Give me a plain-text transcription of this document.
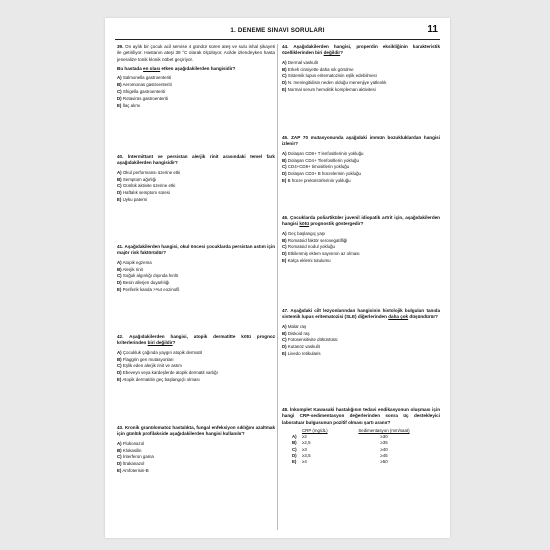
1. DENEME SINAVI SORULARI	11
39. On aylık bir çocuk acil servise 4 gündür süren ateş ve sulu ishal şikayeti ile getiriliyor. Hastanın ateşi 39 °C olarak ölçülüyor. Acilde izlendeyken hasta jeneralize tonik klonik nöbet geçiriyor.
Bu hastada en olası etken aşağıdakilerden hangisidir?
A) Salmonella gastroenteriti
B) Aeromonas gastroenteriti
C) Shigella gastroenteriti
D) Rotavirüs gastroenteriti
E) İlaç alımı
40. İntermittant ve persistan alerjik rinit arasındaki temel fark aşağıdakilerden hangisidir?
A) Okul performansı üzerine etki
B) Semptom ağırlığı
C) Günlük aktivite üzerine etki
D) Haftalık semptom süresi
E) Uyku paterni
41. Aşağıdakilerden hangisi, okul öncesi çocuklarda persistan astım için majör risk faktörüdür?
A) Atopik egzema
B) Alerjik rinit
C) Soğuk algınlığı dışında hırıltı
D) Besin allerjen duyarlılığı
E) Periferik kanda >%4 eozinofil
42. Aşağıdakilerden hangisi, atopik dermatitte kötü prognoz kriterlerinden biri değildir?
A) Çocukluk çağında yaygın atopik dermatit
B) Flaggrin gen mutasyonları
C) Eşlik eden alerjik rinit ve astım
D) Ebeveyn veya kardeşlerde atopik dermatit varlığı
E) Atopik dermatitin geç başlangıçlı olması
43. Kronik granülomatoz hastalıkta, fungal enfeksiyon sıklığını azaltmak için günlük profilakside aşağıdakilerden hangisi kullanılır?
A) Flukonazol
B) Klokasilin
C) İnterferon gama
D) İtrakanazol
E) Amfoterisin-B
44. Aşağıdakilerden hangisi, properdin eksikliğinin karakteristik özelliklerinden biri değildir?
A) Dermal vaskulit
B) Erkek cinsiyette daha sık görülme
C) Sistemik lupus eritematozisin eşlik edebilmesi
D) N. meningitidisin neden olduğu menenjiye yatkınlık
E) Normal serum hemolitik kompleman aktivitesi
45. ZAP 70 mutasyonunda aşağıdaki immün bozukluklardan hangisi izlenir?
A) Dolaşan CD8+ T lenfositlerinin yokluğu
B) Dolaşan CD4+ Tlenfositlerin yokluğu
C) CD4+CD8+ timositlerin yokluğu
D) Dolaşan CD3+ B hücrelerinin yokluğu
E) B hücre prekürsörlerinin yokluğu
46. Çocuklarda poliartiküler juvenil idiopatik artrit için, aşağıdakilerden hangisi kötü prognostik göstergedir?
A) Geç başlangıç yaşı
B) Romatoid faktör seronegatifliği
C) Romatoid nodul yokluğu
D) Etkilenmiş eklem sayısının az olması
E) Kalça eklemi tutulumu
47. Aşağıdaki cilt lezyonlarından hangisinin histolojik bulguları tanıda sistemik lupus eritematozisi (SLE) diğerlerinden daha çok düşündürür?
A) Malar raş
B) Diskoid raş
C) Fotosensitivite döküntüsü
D) Kutanöz vaskulit
E) Livedo retikularis
48. İnkomplet Kawasaki hastalığının tedavi endikasyonun oluşması için hangi CRP-sedimentasyon değerlerinden sonra üç destekleyici laboratuar bulgusunun pozitif olması şartı aranır?
CRP (mg/dL)	Sedimentasyon (mm/saat)
A)	≥2	≥30
B)	≥2,5	≥35
C)	≥3	≥40
D)	≥3,5	≥45
E)	≥4	≥50
